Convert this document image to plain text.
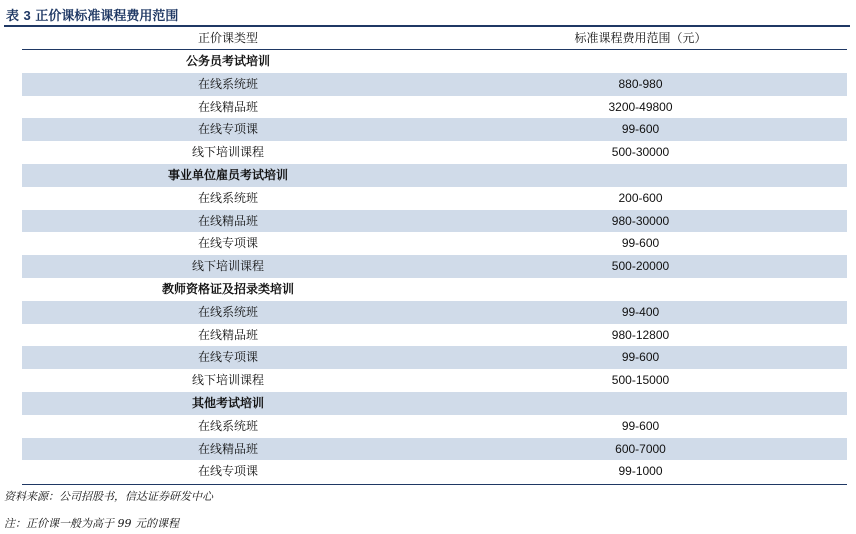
表 3 正价课标准课程费用范围
正价课类型	标准课程费用范围（元）
公务员考试培训	
在线系统班	880-980
在线精品班	3200-49800
在线专项课	99-600
线下培训课程	500-30000
事业单位雇员考试培训	
在线系统班	200-600
在线精品班	980-30000
在线专项课	99-600
线下培训课程	500-20000
教师资格证及招录类培训	
在线系统班	99-400
在线精品班	980-12800
在线专项课	99-600
线下培训课程	500-15000
其他考试培训	
在线系统班	99-600
在线精品班	600-7000
在线专项课	99-1000
资料来源：公司招股书，信达证券研发中心
注：正价课一般为高于 99 元的课程
